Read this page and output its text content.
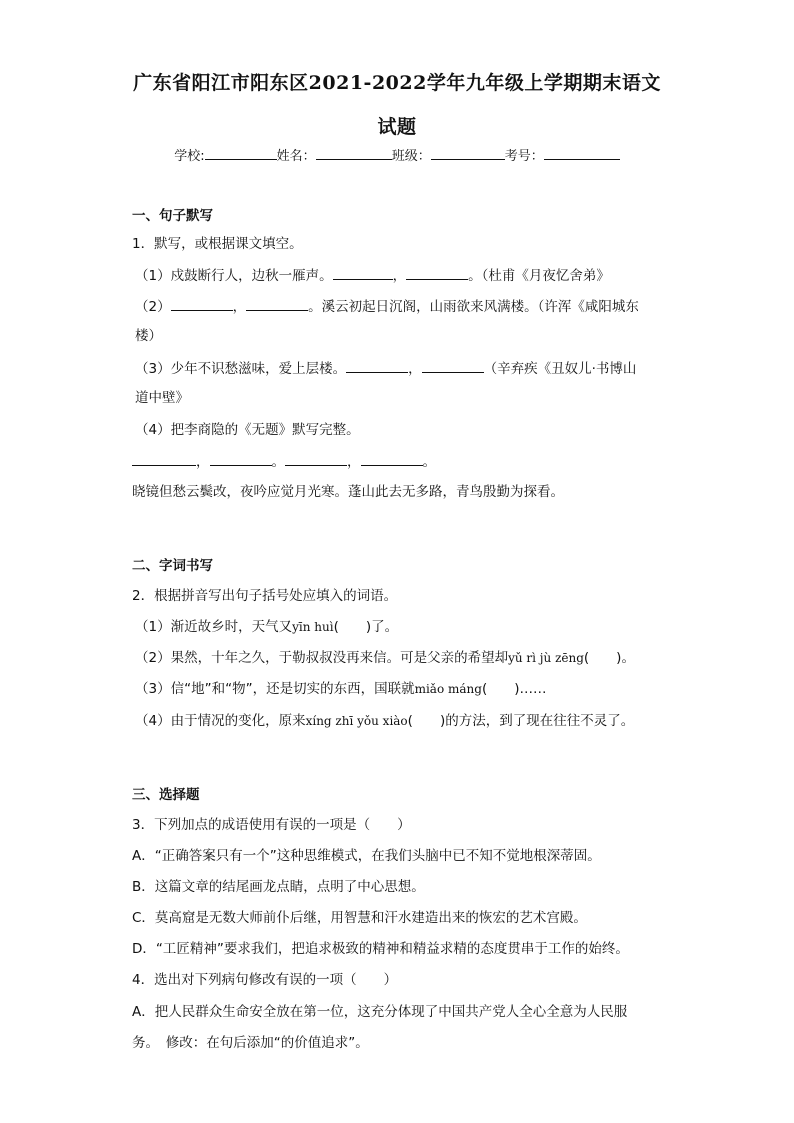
广东省阳江市阳东区2021-2022学年九年级上学期期末语文
试题
学校:	姓名：	班级：	考号：
一、句子默写
1．默写，或根据课文填空。
（1）戍鼓断行人，边秋一雁声。	，	。（杜甫《月夜忆舍弟》
（2）	，	。溪云初起日沉阁，山雨欲来风满楼。（许浑《咸阳城东
楼）
（3）少年不识愁滋味，爱上层楼。	，	（辛弃疾《丑奴儿·书博山
道中壁》
（4）把李商隐的《无题》默写完整。
，	。	，	。
晓镜但愁云鬓改，夜吟应觉月光寒。蓬山此去无多路，青鸟殷勤为探看。
二、字词书写
2．根据拼音写出句子括号处应填入的词语。
（1）渐近故乡时，天气又yīn huì(　　)了。
（2）果然，十年之久，于勒叔叔没再来信。可是父亲的希望却yǔ rì jù zēng(　　)。
（3）信“地”和“物”，还是切实的东西，国联就miǎo máng(　　)……
（4）由于情况的变化，原来xíng zhī yǒu xiào(　　)的方法，到了现在往往不灵了。
三、选择题
3．下列加点的成语使用有误的一项是（　　）
A．“正确答案只有一个”这种思维模式，在我们头脑中已不知不觉地根深蒂固。
B．这篇文章的结尾画龙点睛，点明了中心思想。
C．莫高窟是无数大师前仆后继，用智慧和汗水建造出来的恢宏的艺术宫殿。
D．“工匠精神”要求我们，把追求极致的精神和精益求精的态度贯串于工作的始终。
4．选出对下列病句修改有误的一项（　　）
A．把人民群众生命安全放在第一位，这充分体现了中国共产党人全心全意为人民服
务。　修改：在句后添加“的价值追求”。
